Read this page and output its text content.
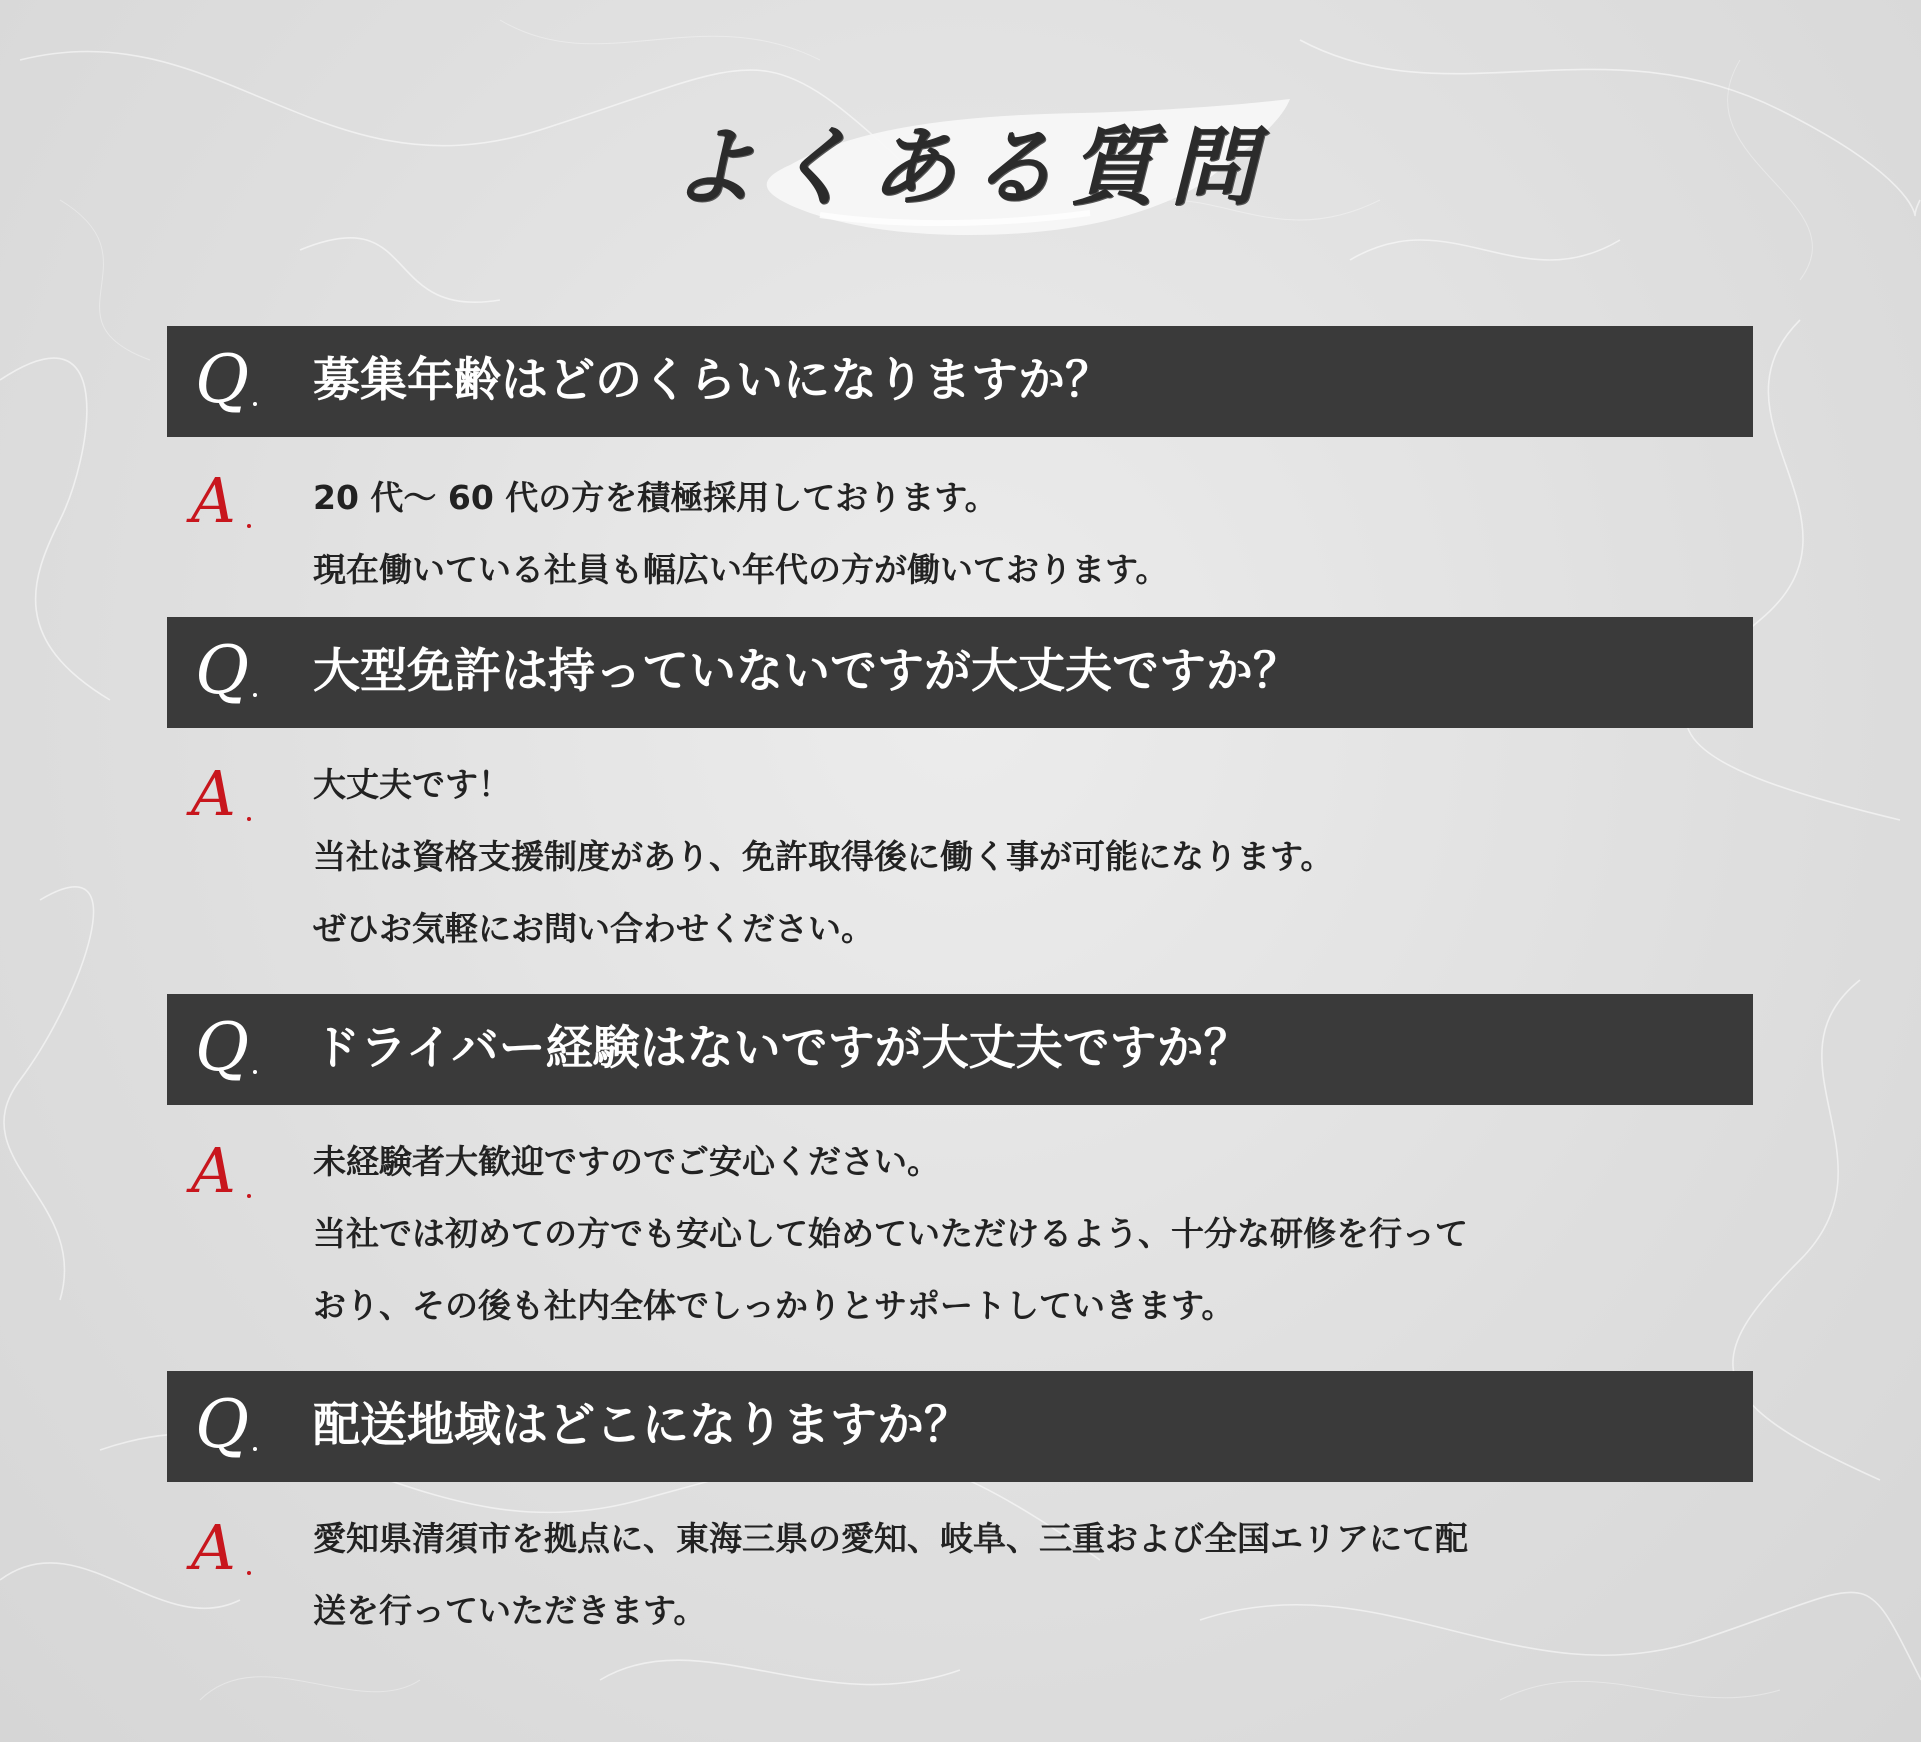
よくある質問
Q 募集年齢はどのくらいになりますか？
A 20 代～ 60 代の方を積極採用しております。
現在働いている社員も幅広い年代の方が働いております。
Q 大型免許は持っていないですが大丈夫ですか？
A 大丈夫です！
当社は資格支援制度があり、免許取得後に働く事が可能になります。
ぜひお気軽にお問い合わせください。
Q ドライバー経験はないですが大丈夫ですか？
A 未経験者大歓迎ですのでご安心ください。
当社では初めての方でも安心して始めていただけるよう、十分な研修を行って
おり、その後も社内全体でしっかりとサポートしていきます。
Q 配送地域はどこになりますか？
A 愛知県清須市を拠点に、東海三県の愛知、岐阜、三重および全国エリアにて配
送を行っていただきます。
